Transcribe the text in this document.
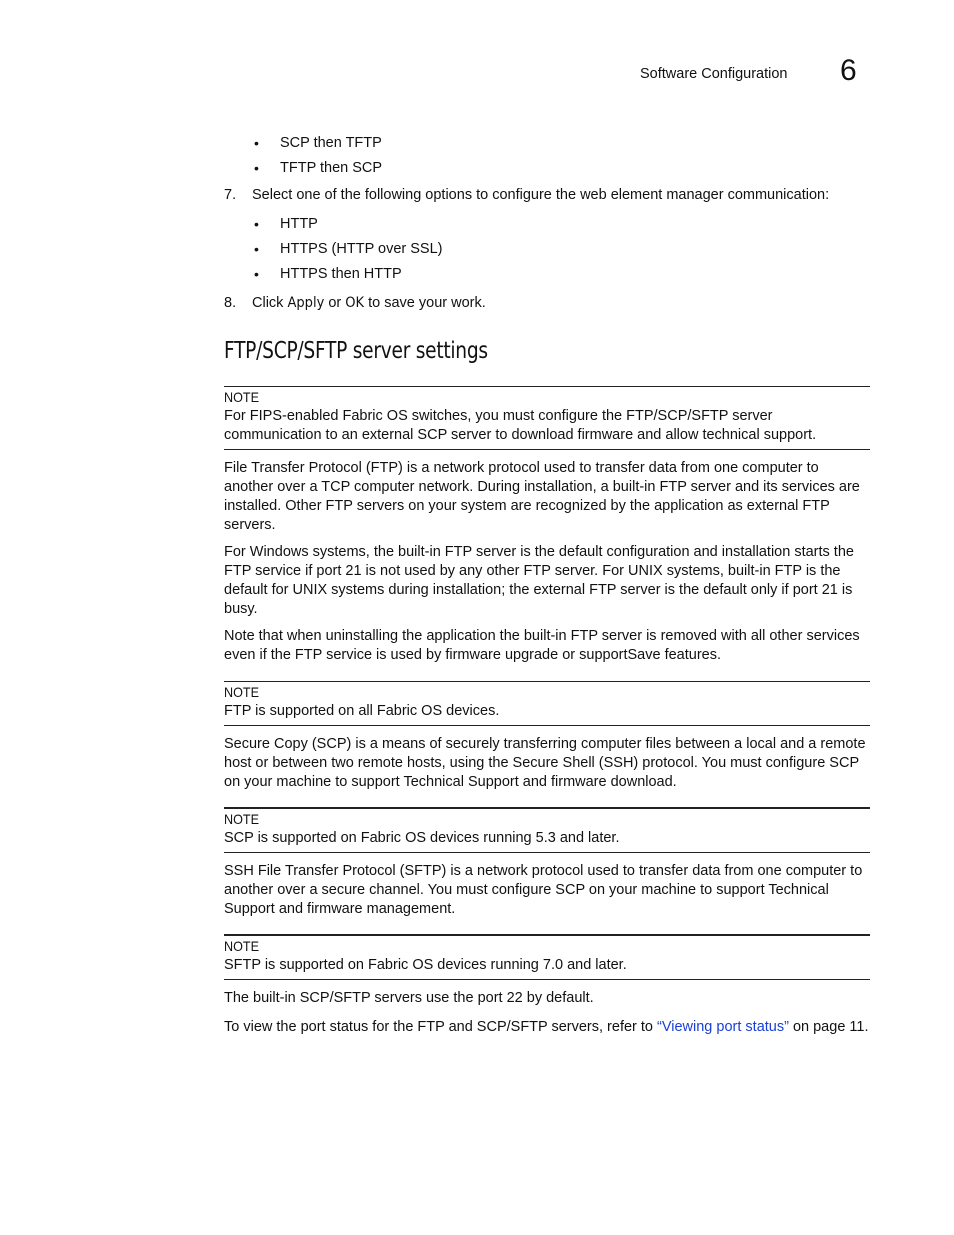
Software Configuration 6
• SCP then TFTP
• TFTP then SCP
7. Select one of the following options to configure the web element manager communication:
• HTTP
• HTTPS (HTTP over SSL)
• HTTPS then HTTP
8. Click Apply or OK to save your work.
FTP/SCP/SFTP server settings
NOTE
For FIPS-enabled Fabric OS switches, you must configure the FTP/SCP/SFTP server communication to an external SCP server to download firmware and allow technical support.

File Transfer Protocol (FTP) is a network protocol used to transfer data from one computer to another over a TCP computer network. During installation, a built-in FTP server and its services are installed. Other FTP servers on your system are recognized by the application as external FTP servers.

For Windows systems, the built-in FTP server is the default configuration and installation starts the FTP service if port 21 is not used by any other FTP server. For UNIX systems, built-in FTP is the default for UNIX systems during installation; the external FTP server is the default only if port 21 is busy.

Note that when uninstalling the application the built-in FTP server is removed with all other services even if the FTP service is used by firmware upgrade or supportSave features.

NOTE
FTP is supported on all Fabric OS devices.

Secure Copy (SCP) is a means of securely transferring computer files between a local and a remote host or between two remote hosts, using the Secure Shell (SSH) protocol. You must configure SCP on your machine to support Technical Support and firmware download.

NOTE
SCP is supported on Fabric OS devices running 5.3 and later.

SSH File Transfer Protocol (SFTP) is a network protocol used to transfer data from one computer to another over a secure channel. You must configure SCP on your machine to support Technical Support and firmware management.

NOTE
SFTP is supported on Fabric OS devices running 7.0 and later.

The built-in SCP/SFTP servers use the port 22 by default.

To view the port status for the FTP and SCP/SFTP servers, refer to “Viewing port status” on page 11.
